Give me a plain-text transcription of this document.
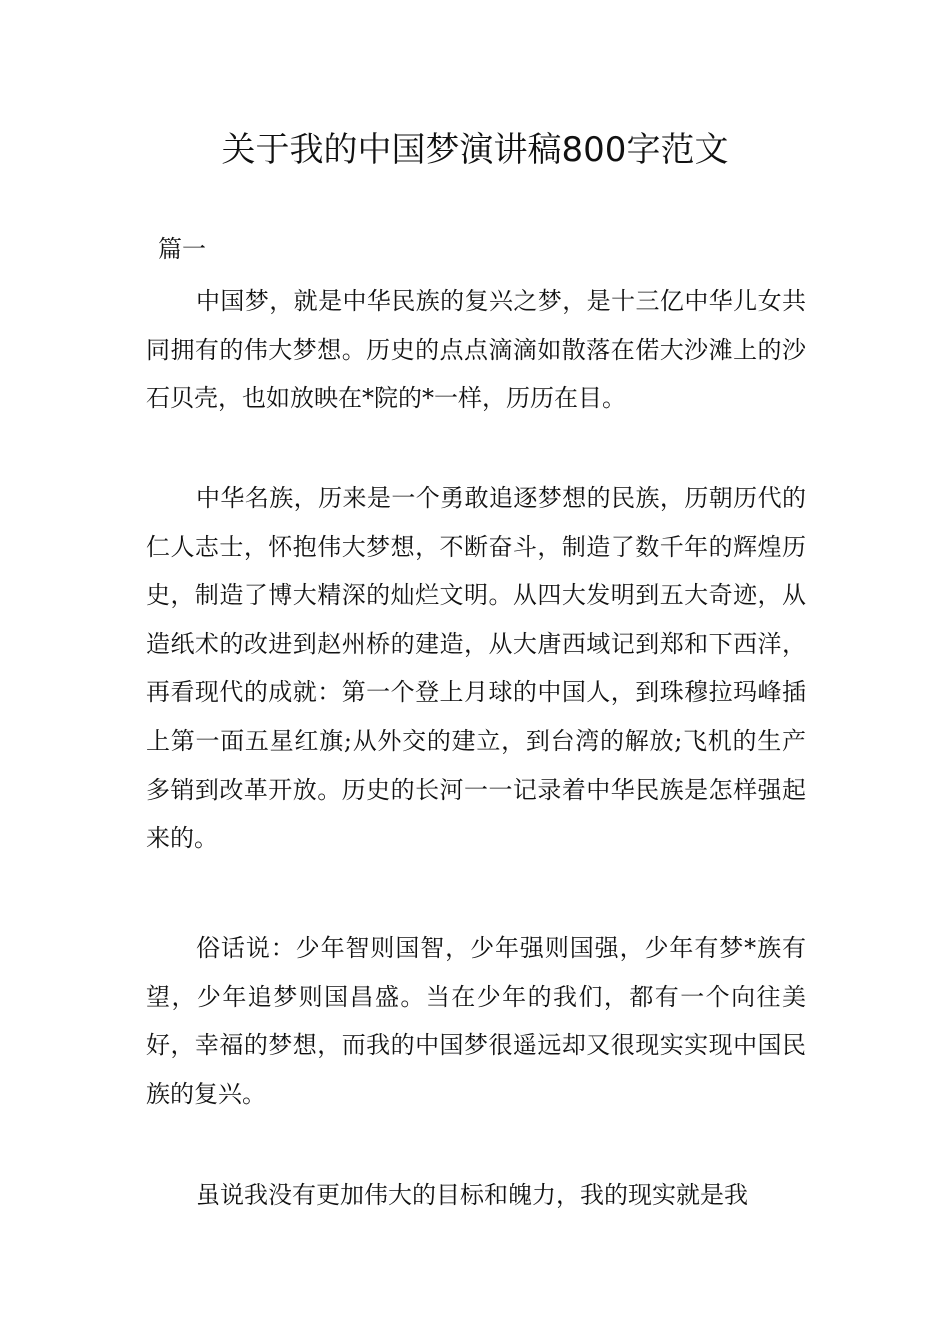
关于我的中国梦演讲稿800字范文
篇一

中国梦，就是中华民族的复兴之梦，是十三亿中华儿女共同拥有的伟大梦想。历史的点点滴滴如散落在偌大沙滩上的沙石贝壳，也如放映在*院的*一样，历历在目。

中华名族，历来是一个勇敢追逐梦想的民族，历朝历代的仁人志士，怀抱伟大梦想，不断奋斗，制造了数千年的辉煌历史，制造了博大精深的灿烂文明。从四大发明到五大奇迹，从造纸术的改进到赵州桥的建造，从大唐西域记到郑和下西洋，再看现代的成就：第一个登上月球的中国人，到珠穆拉玛峰插上第一面五星红旗;从外交的建立，到台湾的解放;飞机的生产多销到改革开放。历史的长河一一记录着中华民族是怎样强起来的。

俗话说：少年智则国智，少年强则国强，少年有梦*族有望，少年追梦则国昌盛。当在少年的我们，都有一个向往美好，幸福的梦想，而我的中国梦很遥远却又很现实实现中国民族的复兴。

虽说我没有更加伟大的目标和魄力，我的现实就是我
